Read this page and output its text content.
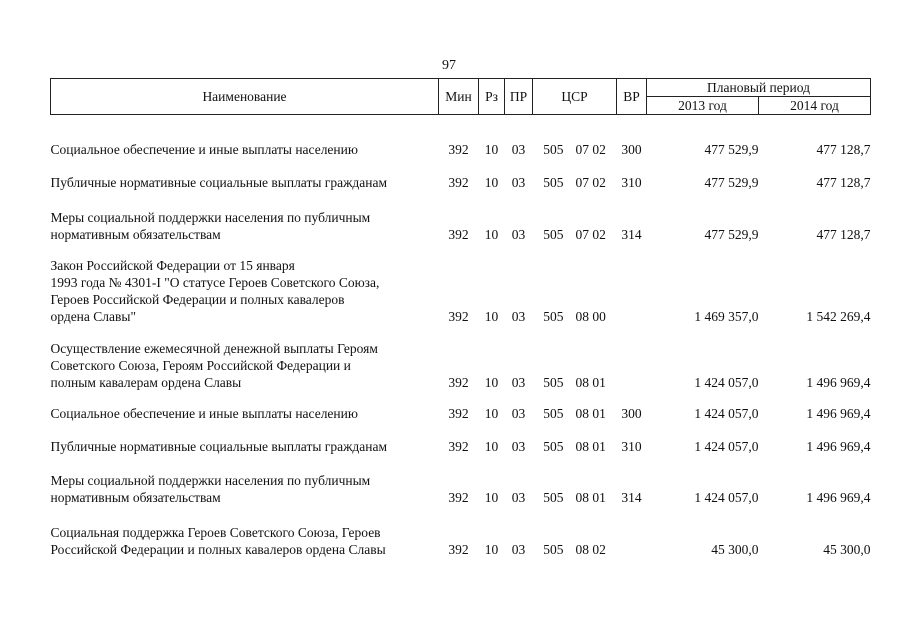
97
Наименование	Мин	Рз	ПР	ЦСР	ВР	Плановый период	
						2013 год	2014 год

Социальное обеспечение и иные выплаты населению	392	10	03	505 07 02	300	477 529,9	477 128,7

Публичные нормативные социальные выплаты гражданам	392	10	03	505 07 02	310	477 529,9	477 128,7

Меры социальной поддержки населения по публичным
нормативным обязательствам	392	10	03	505 07 02	314	477 529,9	477 128,7

Закон Российской Федерации от 15 января
1993 года № 4301-I "О статусе Героев Советского Союза,
Героев Российской Федерации и полных кавалеров
ордена Славы"	392	10	03	505 08 00		1 469 357,0	1 542 269,4

Осуществление ежемесячной денежной выплаты Героям
Советского Союза, Героям Российской Федерации и
полным кавалерам ордена Славы	392	10	03	505 08 01		1 424 057,0	1 496 969,4

Социальное обеспечение и иные выплаты населению	392	10	03	505 08 01	300	1 424 057,0	1 496 969,4

Публичные нормативные социальные выплаты гражданам	392	10	03	505 08 01	310	1 424 057,0	1 496 969,4

Меры социальной поддержки населения по публичным
нормативным обязательствам	392	10	03	505 08 01	314	1 424 057,0	1 496 969,4

Социальная поддержка Героев Советского Союза, Героев
Российской Федерации и полных кавалеров ордена Славы	392	10	03	505 08 02		45 300,0	45 300,0
